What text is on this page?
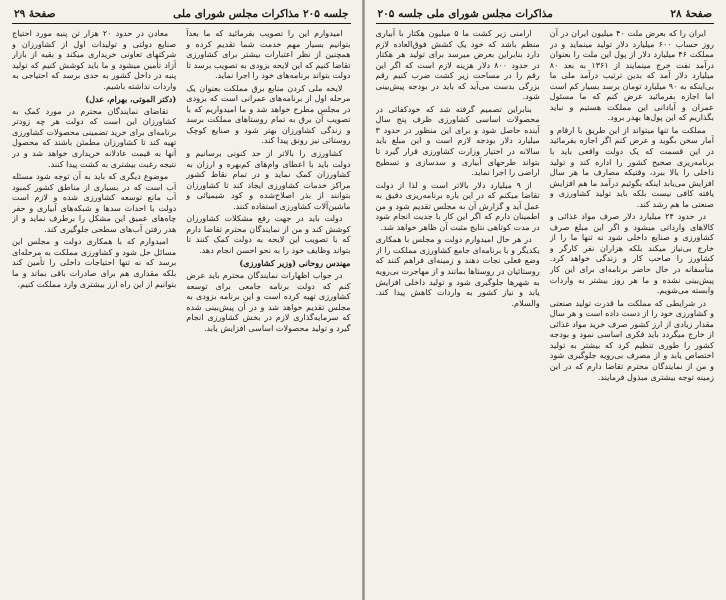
صفحهٔ ۲۸
مذاکرات مجلس شورای ملی جلسه ۲۰۵

ایران را که بعرض ملت ۴۰ میلیون ایران در آن روز حساب ۶۰۰ میلیارد دلار تولید مینماید و در مملکت ۴۶ میلیارد دلار از پول این ملت را بعنوان درآمد نفت خرج مینمایند از ۱۳۶۱ به بعد ۸۰ میلیارد دلار آمد که بدین ترتیب درآمد ملی ما بی‌اینکه به ۹۰ میلیارد تومان برسد بسیار کم است اما اجازه بفرمائید عرض کنم که ما مسئول عمران و آبادانی این مملکت هستیم و نباید بگذاریم که این پول‌ها بهدر برود.

مملکت ما تنها میتواند از این طریق با ارقام و آمار سخن بگوید و عرض کنم اگر اجازه بفرمائید در این قسمت که یک دولت واقعی باید با برنامه‌ریزی صحیح کشور را اداره کند و تولید داخلی را بالا ببرد، وقتیکه مصارف ما هر سال افزایش می‌یابد اینکه بگوئیم درآمد ما هم افزایش یافته کافی نیست بلکه باید تولید کشاورزی و صنعتی ما هم رشد کند.

در حدود ۲۴ میلیارد دلار صرف مواد غذائی و کالاهای وارداتی میشود و اگر این مبلغ صرف کشاورزی و صنایع داخلی شود نه تنها ما را از خارج بی‌نیاز میکند بلکه هزاران نفر کارگر و کشاورز را صاحب کار و زندگی خواهد کرد. متأسفانه در حال حاضر برنامه‌ای برای این کار پیش‌بینی نشده و ما هر روز بیشتر به واردات وابسته می‌شویم.

در شرایطی که مملکت ما قدرت تولید صنعتی و کشاورزی خود را از دست داده است و هر سال مقدار زیادی از ارز کشور صرف خرید مواد غذائی از خارج میگردد باید فکری اساسی نمود و بودجه کشور را طوری تنظیم کرد که بیشتر به تولید اختصاص یابد و از مصرف بی‌رویه جلوگیری شود و من از نمایندگان محترم تقاضا دارم که در این زمینه توجه بیشتری مبذول فرمایند.

ارامنی زیر کشت ما ۵ میلیون هکتار با آبیاری منظم باشد که خود یک کشش فوق‌العاده لازم دارد بنابراین بعرض میرسد برای تولید هر هکتار در حدود ۸۰۰ دلار هزینه لازم است که اگر این رقم را در مساحت زیر کشت ضرب کنیم رقم بزرگی بدست می‌آید که باید در بودجه پیش‌بینی شود.

بنابراین تصمیم گرفته شد که خودکفائی در محصولات اساسی کشاورزی ظرف پنج سال آینده حاصل شود و برای این منظور در حدود ۳ میلیارد دلار بودجه لازم است و این مبلغ باید سالانه در اختیار وزارت کشاورزی قرار گیرد تا بتواند طرحهای آبیاری و سدسازی و تسطیح اراضی را اجرا نماید.

از ۹ میلیارد دلار بالاتر است و لذا از دولت تقاضا میکنم که در این باره برنامه‌ریزی دقیق به عمل آید و گزارش آن به مجلس تقدیم شود و من اطمینان دارم که اگر این کار با جدیت انجام شود در مدت کوتاهی نتایج مثبت آن ظاهر خواهد شد.

در هر حال امیدوارم دولت و مجلس با همکاری یکدیگر و با برنامه‌ای جامع کشاورزی مملکت را از وضع فعلی نجات دهند و زمینه‌ای فراهم کنند که روستائیان در روستاها بمانند و از مهاجرت بی‌رویه به شهرها جلوگیری شود و تولید داخلی افزایش یابد و نیاز کشور به واردات کاهش پیدا کند. والسلام.

جلسه ۲۰۵ مذاکرات مجلس شورای ملی
صفحهٔ ۲۹

امیدوارم این را تصویب بفرمائید که ما بعداً بتوانیم بسیار مهم خدمت شما تقدیم کرده و همچنین از نظر اعتبارات بیشتر برای کشاورزی تقاضا کنیم که این لایحه بزودی به تصویب برسد تا دولت بتواند برنامه‌های خود را اجرا نماید.

لایحه ملی کردن منابع برق مملکت بعنوان یک مرحله اول از برنامه‌های عمرانی است که بزودی در مجلس مطرح خواهد شد و ما امیدواریم که با تصویب آن برق به تمام روستاهای مملکت برسد و زندگی کشاورزان بهتر شود و صنایع کوچک روستائی نیز رونق پیدا کند.

کشاورزی را بالاتر از حد کنونی برسانیم و دولت باید با اعطای وام‌های کم‌بهره و ارزان به کشاورزان کمک نماید و در تمام نقاط کشور مراکز خدمات کشاورزی ایجاد کند تا کشاورزان بتوانند از بذر اصلاح‌شده و کود شیمیائی و ماشین‌آلات کشاورزی استفاده کنند.

دولت باید در جهت رفع مشکلات کشاورزان کوشش کند و من از نمایندگان محترم تقاضا دارم که با تصویب این لایحه به دولت کمک کنند تا بتواند وظایف خود را به نحو احسن انجام دهد.

مهندس روحانی (وزیر کشاورزی)

در جواب اظهارات نمایندگان محترم باید عرض کنم که دولت برنامه جامعی برای توسعه کشاورزی تهیه کرده است و این برنامه بزودی به مجلس تقدیم خواهد شد و در آن پیش‌بینی شده که سرمایه‌گذاری لازم در بخش کشاورزی انجام گیرد و تولید محصولات اساسی افزایش یابد.

معادن در حدود ۲۰ هزار تن پنبه مورد احتیاج صنایع دولتی و تولیدات اول از کشاورزان و شرکتهای تعاونی خریداری میکند و بقیه از بازار آزاد تأمین میشود و ما باید کوشش کنیم که تولید پنبه در داخل کشور به حدی برسد که احتیاجی به واردات نداشته باشیم.

(دکتر الموتی، بهرام، عدل)

تقاضای نمایندگان محترم در مورد کمک به کشاورزان این است که دولت هر چه زودتر برنامه‌ای برای خرید تضمینی محصولات کشاورزی تهیه کند تا کشاورزان مطمئن باشند که محصول آنها به قیمت عادلانه خریداری خواهد شد و در نتیجه رغبت بیشتری به کشت پیدا کنند.

موضوع دیگری که باید به آن توجه شود مسئله آب است که در بسیاری از مناطق کشور کمبود آب مانع توسعه کشاورزی شده و لازم است دولت با احداث سدها و شبکه‌های آبیاری و حفر چاه‌های عمیق این مشکل را برطرف نماید و از هدر رفتن آب‌های سطحی جلوگیری کند.

امیدوارم که با همکاری دولت و مجلس این مسائل حل شود و کشاورزی مملکت به مرحله‌ای برسد که نه تنها احتیاجات داخلی را تأمین کند بلکه مقداری هم برای صادرات باقی بماند و ما بتوانیم از این راه ارز بیشتری وارد مملکت کنیم.
